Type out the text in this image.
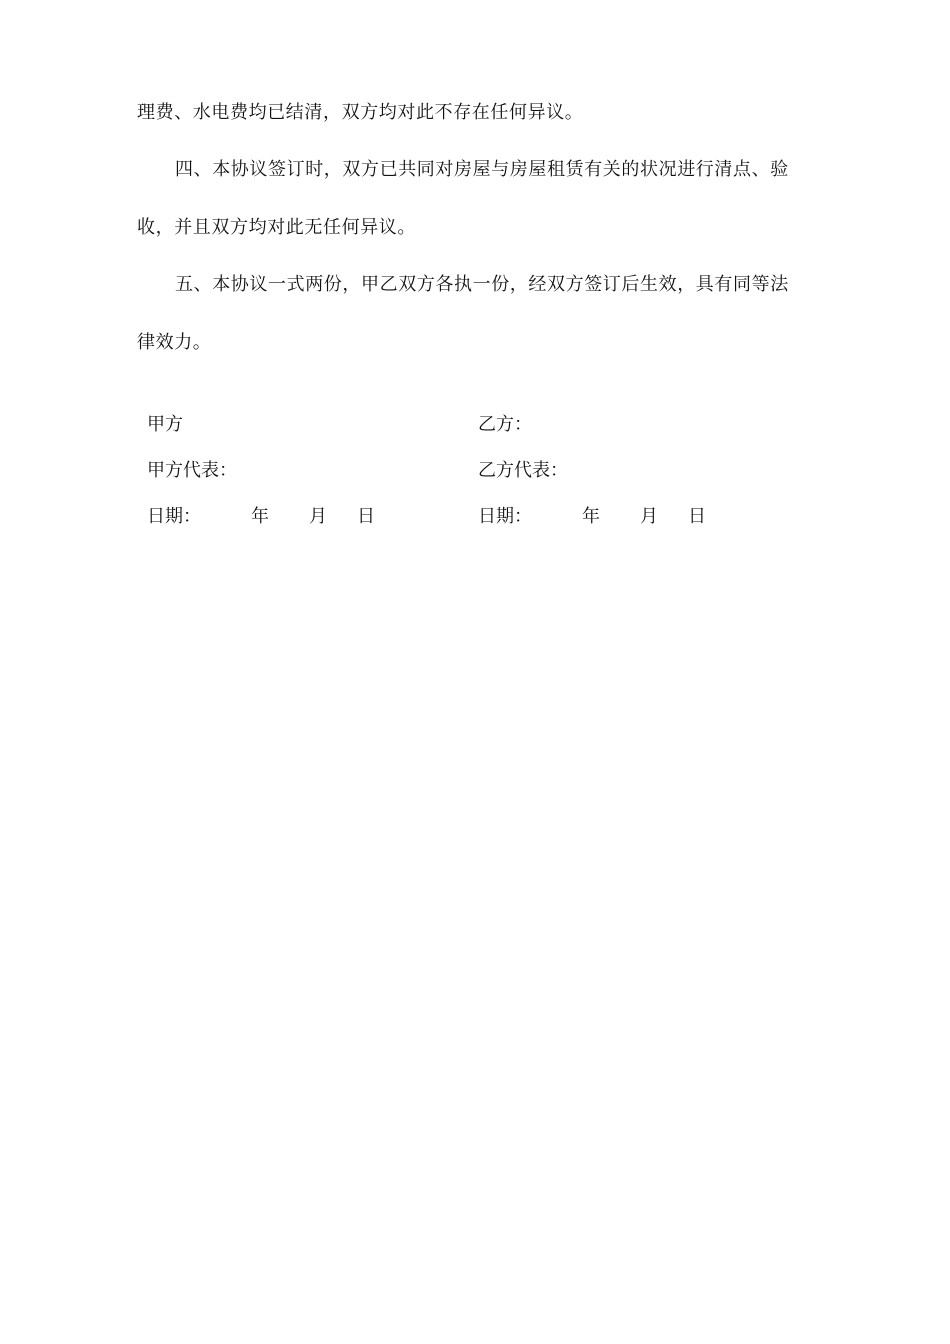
理费、水电费均已结清，双方均对此不存在任何异议。
四、本协议签订时，双方已共同对房屋与房屋租赁有关的状况进行清点、验
收，并且双方均对此无任何异议。
五、本协议一式两份，甲乙双方各执一份，经双方签订后生效，具有同等法
律效力。
甲方	乙方：
甲方代表：	乙方代表：
日期：	年 月 日	日期：	年 月 日
